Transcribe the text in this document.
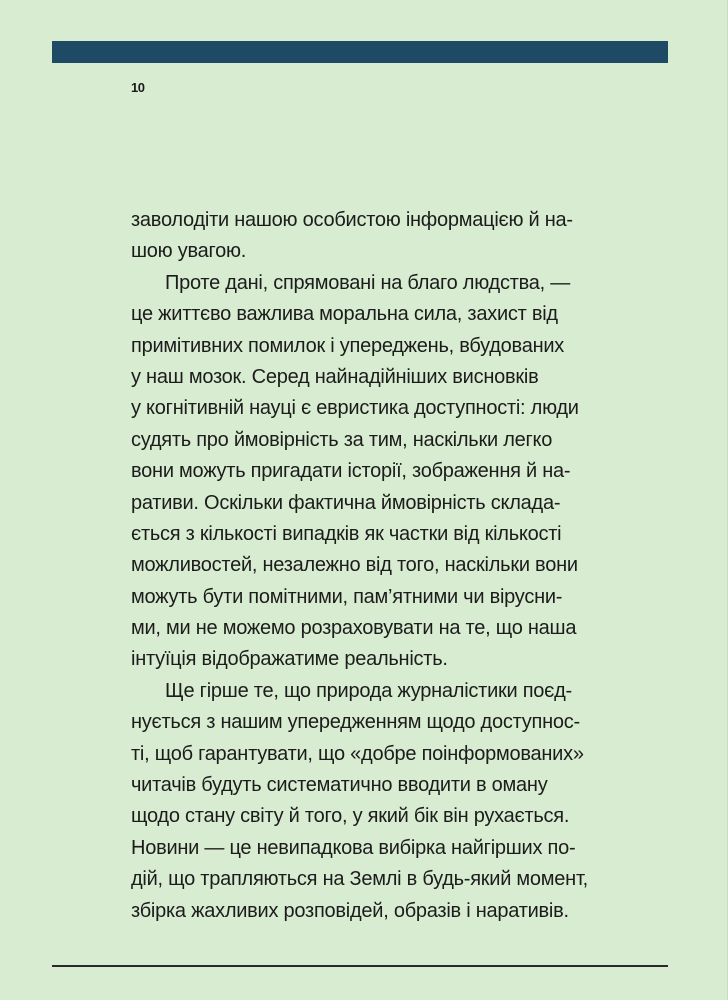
10
заволодіти нашою особистою інформацією й на-
шою увагою.
Проте дані, спрямовані на благо людства, —
це життєво важлива моральна сила, захист від
примітивних помилок і упереджень, вбудованих
у наш мозок. Серед найнадійніших висновків
у когнітивній науці є евристика доступності: люди
судять про ймовірність за тим, наскільки легко
вони можуть пригадати історії, зображення й на-
ративи. Оскільки фактична ймовірність склада-
ється з кількості випадків як частки від кількості
можливостей, незалежно від того, наскільки вони
можуть бути помітними, пам’ятними чи вірусни-
ми, ми не можемо розраховувати на те, що наша
інтуїція відображатиме реальність.
Ще гірше те, що природа журналістики поєд-
нується з нашим упередженням щодо доступнос-
ті, щоб гарантувати, що «добре поінформованих»
читачів будуть систематично вводити в оману
щодо стану світу й того, у який бік він рухається.
Новини — це невипадкова вибірка найгірших по-
дій, що трапляються на Землі в будь-який момент,
збірка жахливих розповідей, образів і наративів.
